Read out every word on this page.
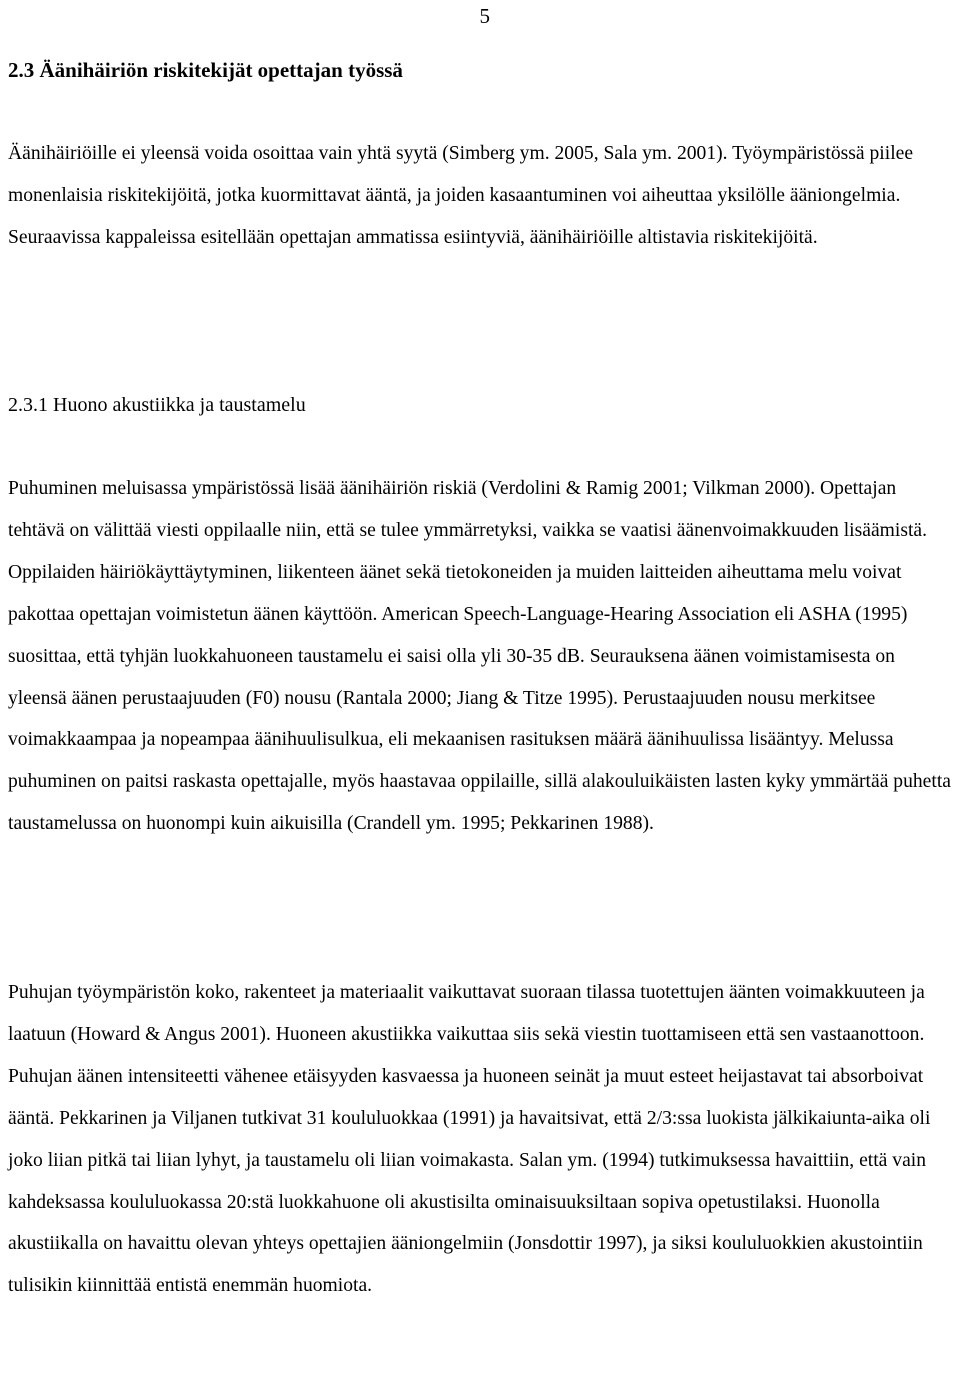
5
2.3 Äänihäiriön riskitekijät opettajan työssä

Äänihäiriöille ei yleensä voida osoittaa vain yhtä syytä (Simberg ym. 2005, Sala ym. 2001). Työympäristössä piilee monenlaisia riskitekijöitä, jotka kuormittavat ääntä, ja joiden kasaantuminen voi aiheuttaa yksilölle ääniongelmia. Seuraavissa kappaleissa esitellään opettajan ammatissa esiintyviä, äänihäiriöille altistavia riskitekijöitä.

2.3.1 Huono akustiikka ja taustamelu

Puhuminen meluisassa ympäristössä lisää äänihäiriön riskiä (Verdolini & Ramig 2001; Vilkman 2000). Opettajan tehtävä on välittää viesti oppilaalle niin, että se tulee ymmärretyksi, vaikka se vaatisi äänenvoimakkuuden lisäämistä. Oppilaiden häiriökäyttäytyminen, liikenteen äänet sekä tietokoneiden ja muiden laitteiden aiheuttama melu voivat pakottaa opettajan voimistetun äänen käyttöön. American Speech-Language-Hearing Association eli ASHA (1995) suosittaa, että tyhjän luokkahuoneen taustamelu ei saisi olla yli 30-35 dB. Seurauksena äänen voimistamisesta on yleensä äänen perustaajuuden (F0) nousu (Rantala 2000; Jiang & Titze 1995). Perustaajuuden nousu merkitsee voimakkaampaa ja nopeampaa äänihuulisulkua, eli mekaanisen rasituksen määrä äänihuulissa lisääntyy. Melussa puhuminen on paitsi raskasta opettajalle, myös haastavaa oppilaille, sillä alakouluikäisten lasten kyky ymmärtää puhetta taustamelussa on huonompi kuin aikuisilla (Crandell ym. 1995; Pekkarinen 1988).

Puhujan työympäristön koko, rakenteet ja materiaalit vaikuttavat suoraan tilassa tuotettujen äänten voimakkuuteen ja laatuun (Howard & Angus 2001). Huoneen akustiikka vaikuttaa siis sekä viestin tuottamiseen että sen vastaanottoon. Puhujan äänen intensiteetti vähenee etäisyyden kasvaessa ja huoneen seinät ja muut esteet heijastavat tai absorboivat ääntä. Pekkarinen ja Viljanen tutkivat 31 koululuokkaa (1991) ja havaitsivat, että 2/3:ssa luokista jälkikaiunta-aika oli joko liian pitkä tai liian lyhyt, ja taustamelu oli liian voimakasta. Salan ym. (1994) tutkimuksessa havaittiin, että vain kahdeksassa koululuokassa 20:stä luokkahuone oli akustisilta ominaisuuksiltaan sopiva opetustilaksi. Huonolla akustiikalla on havaittu olevan yhteys opettajien ääniongelmiin (Jonsdottir 1997), ja siksi koululuokkien akustointiin tulisikin kiinnittää entistä enemmän huomiota.
